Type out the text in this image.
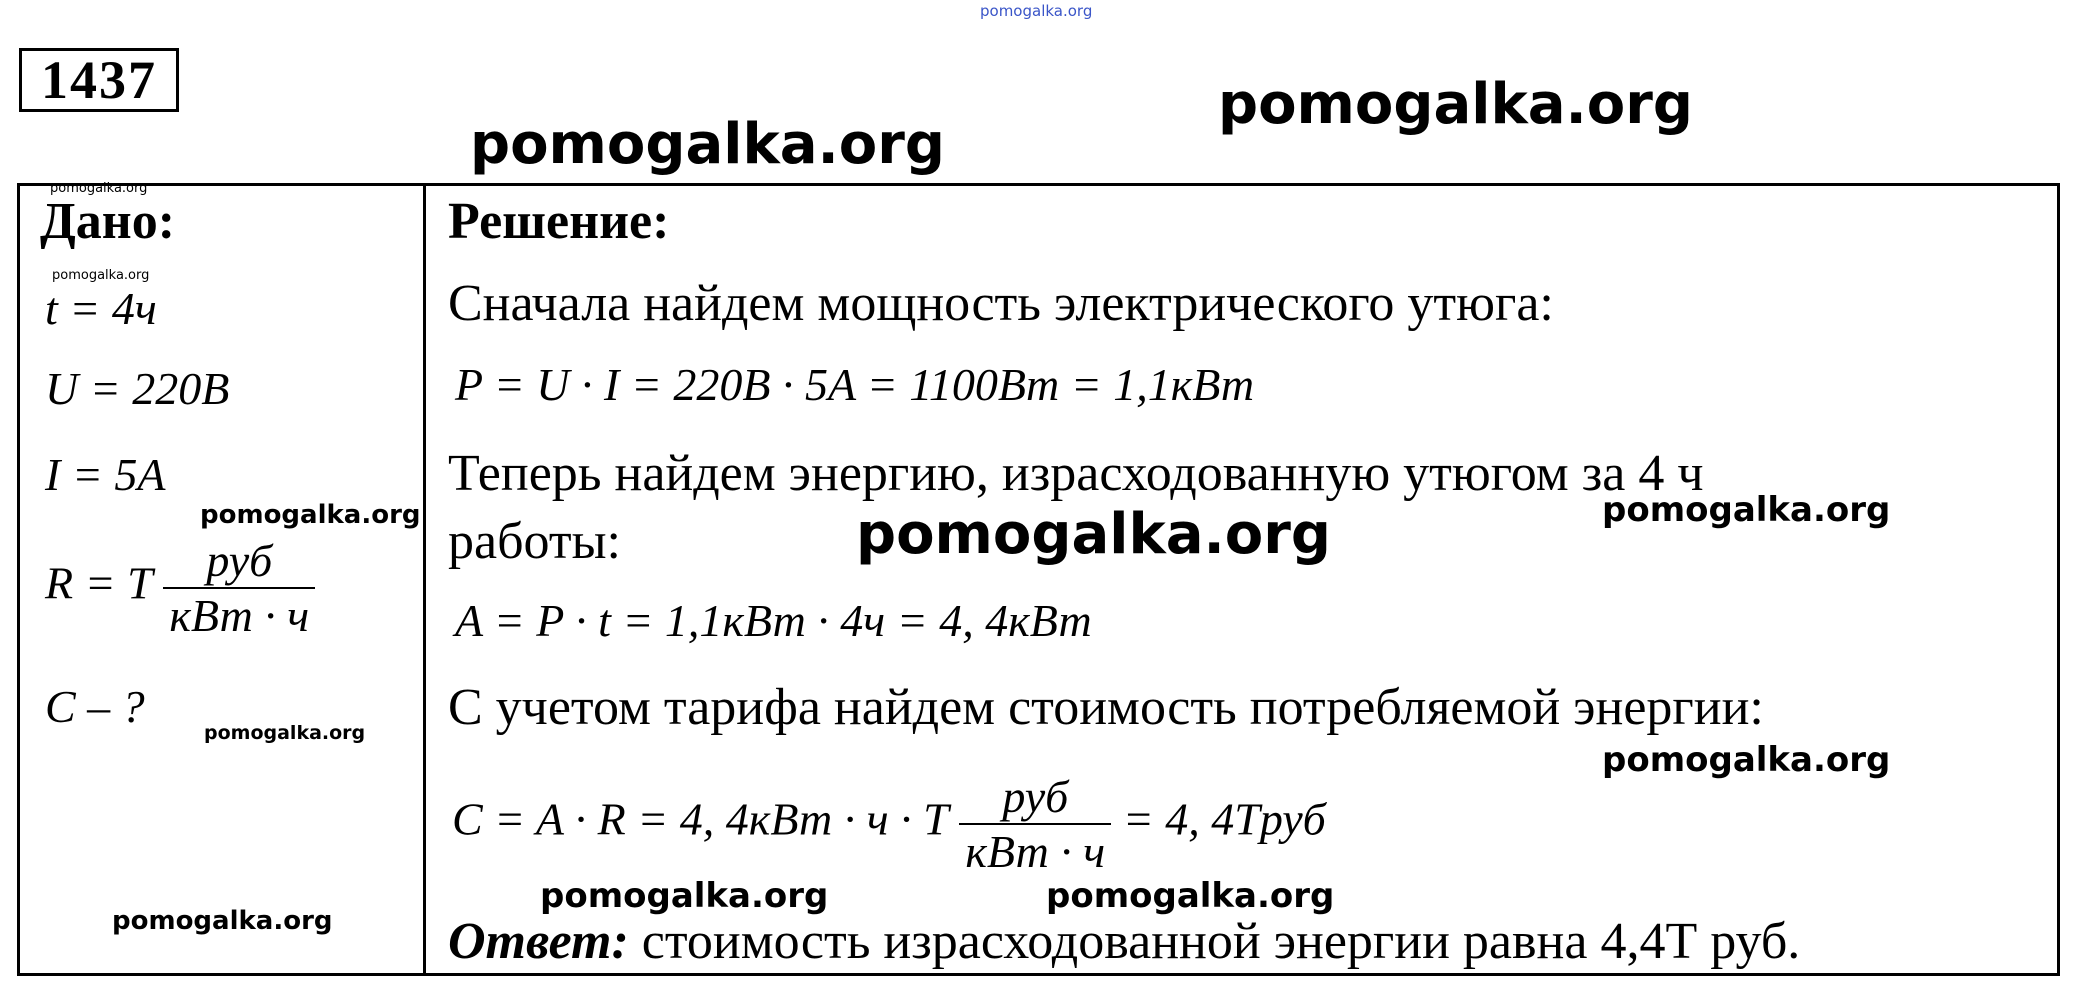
pomogalka.org
pomogalka.org
pomogalka.org
1437
pomogalka.org
Дано:
pomogalka.org
t = 4ч
U = 220B
I = 5A
pomogalka.org
R = T $\frac{\text{руб}}{\text{кВт · ч}}$
C – ?
pomogalka.org
pomogalka.org
Решение:
Сначала найдем мощность электрического утюга:
P = U · I = 220B · 5A = 1100Bт = 1,1кВт
Теперь найдем энергию, израсходованную утюгом за 4 ч
работы:	pomogalka.org	pomogalka.org
A = P · t = 1,1кВт · 4ч = 4, 4кВт
С учетом тарифа найдем стоимость потребляемой энергии:
pomogalka.org
C = A · R = 4, 4кВт · ч · T $\frac{\text{руб}}{\text{кВт · ч}} = 4$, 4Tруб
pomogalka.org	pomogalka.org
Ответ: стоимость израсходованной энергии равна 4,4Т руб.
